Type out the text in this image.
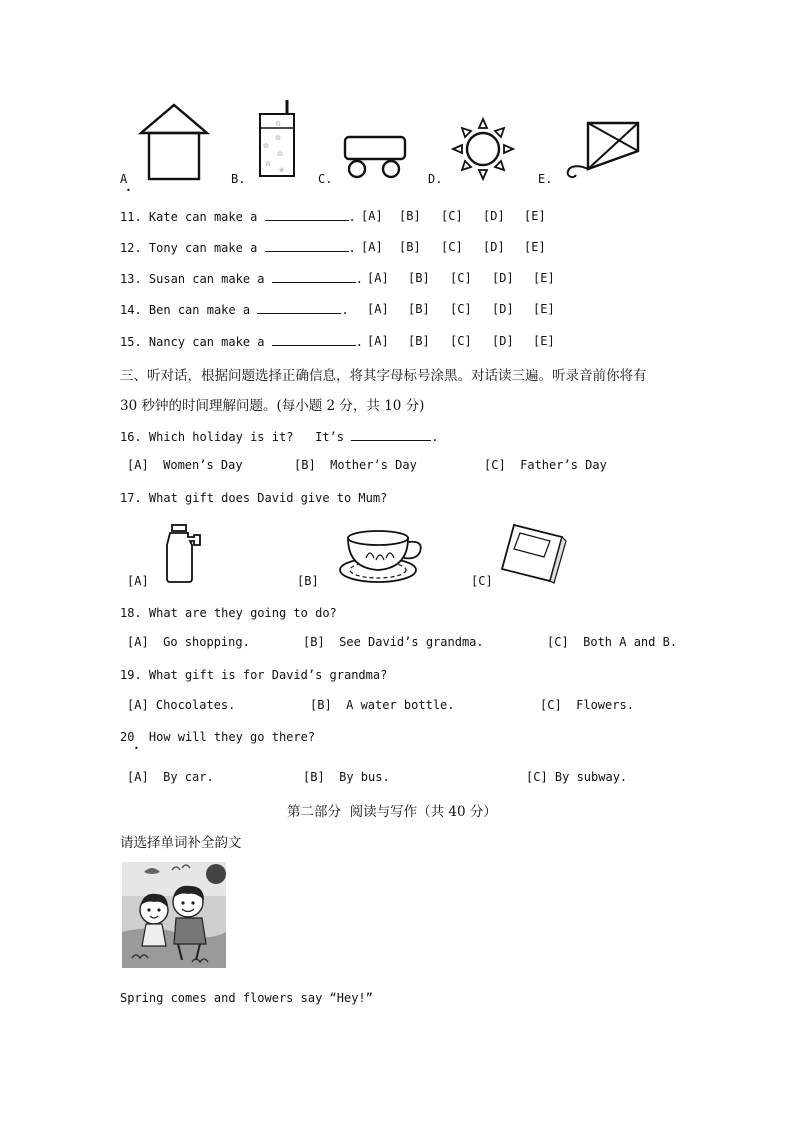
☆
☆
☆
☆
☆
☆
A
•
B.	C.	D.	E.
11. Kate can make a	. [A] [B] [C] [D] [E]
12. Tony can make a	. [A] [B] [C] [D] [E]
13. Susan can make a	. [A] [B] [C] [D] [E]
14. Ben can make a	. [A] [B] [C] [D] [E]
15. Nancy can make a	. [A] [B] [C] [D] [E]
三、听对话，根据问题选择正确信息，将其字母标号涂黑。对话读三遍。听录音前你将有
30 秒钟的时间理解问题。(每小题 2 分，共 10 分)
16. Which holiday is it?   It’s	.
[A]  Women’s Day	[B]  Mother’s Day	[C]  Father’s Day
17. What gift does David give to Mum?
[A]	[B]	[C]
18. What are they going to do?
[A]  Go shopping.	[B]  See David’s grandma.	[C]  Both A and B.
19. What gift is for David’s grandma?
[A] Chocolates.	[B]  A water bottle.	[C]  Flowers.
20 How will they go there?
•
[A]  By car.	[B]  By bus.	[C] By subway.
第二部分  阅读与写作（共 40 分）
请选择单词补全韵文
Spring comes and flowers say “Hey!”
